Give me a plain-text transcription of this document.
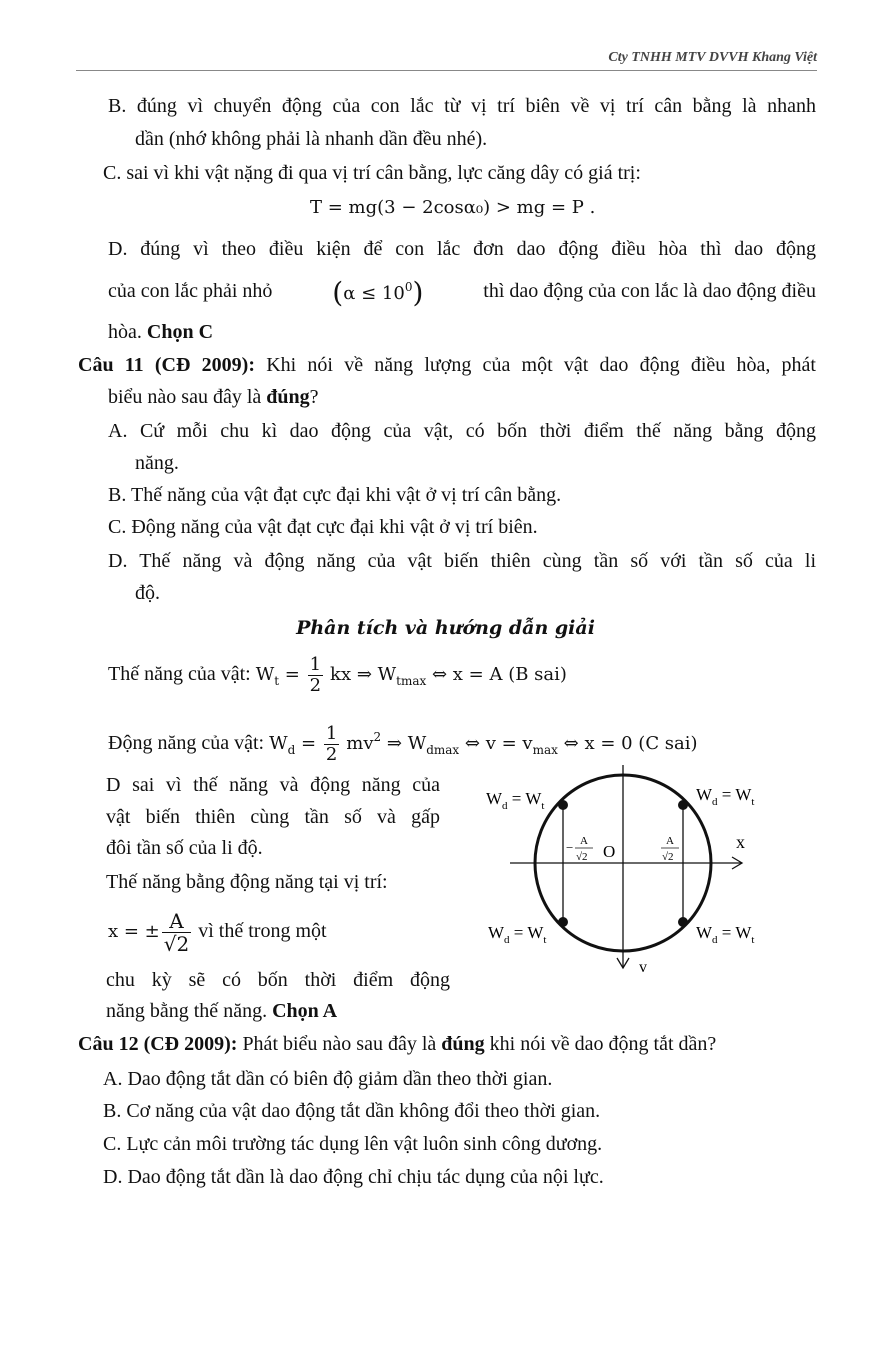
Cty TNHH MTV DVVH Khang Việt
B. đúng vì chuyển động của con lắc từ vị trí biên về vị trí cân bằng là nhanh
dần (nhớ không phải là nhanh dần đều nhé).
C. sai vì khi vật nặng đi qua vị trí cân bằng, lực căng dây có giá trị:
T = mg(3 − 2cosα₀) > mg = P .
D. đúng vì theo điều kiện để con lắc đơn dao động điều hòa thì dao động
của con lắc phải nhỏ $(\alpha \le 10^0)$	thì dao động của con lắc là dao động điều
hòa. Chọn C
Câu 11 (CĐ 2009): Khi nói về năng lượng của một vật dao động điều hòa, phát
biểu nào sau đây là đúng?
A. Cứ mỗi chu kì dao động của vật, có bốn thời điểm thế năng bằng động
năng.
B. Thế năng của vật đạt cực đại khi vật ở vị trí cân bằng.
C. Động năng của vật đạt cực đại khi vật ở vị trí biên.
D. Thế năng và động năng của vật biến thiên cùng tần số với tần số của li
độ.
Phân tích và hướng dẫn giải
Thế năng của vật: $W_t = \frac{1}{2}$ kx ⇒ $W_{tmax}$ ⇔ x = A (B sai)
Động năng của vật: $W_d = \frac{1}{2} mv^2$ ⇒ $W_{dmax}$ ⇔ $v = v_{max}$ ⇔ x = 0 (C sai)
D sai vì thế năng và động năng của
vật biến thiên cùng tần số và gấp
đôi tần số của li độ.
Thế năng bằng động năng tại vị trí:
x = ± $\frac{A}{√2}$ vì thế trong một
chu kỳ sẽ có bốn thời điểm động
năng bằng thế năng. Chọn A
$W_d = W_t$
$W_d = W_t$
$W_d = W_t$	$W_d = W_t$
O	x
v
− A
√2
A
√2
Câu 12 (CĐ 2009): Phát biểu nào sau đây là đúng khi nói về dao động tắt dần?
A. Dao động tắt dần có biên độ giảm dần theo thời gian.
B. Cơ năng của vật dao động tắt dần không đổi theo thời gian.
C. Lực cản môi trường tác dụng lên vật luôn sinh công dương.
D. Dao động tắt dần là dao động chỉ chịu tác dụng của nội lực.
